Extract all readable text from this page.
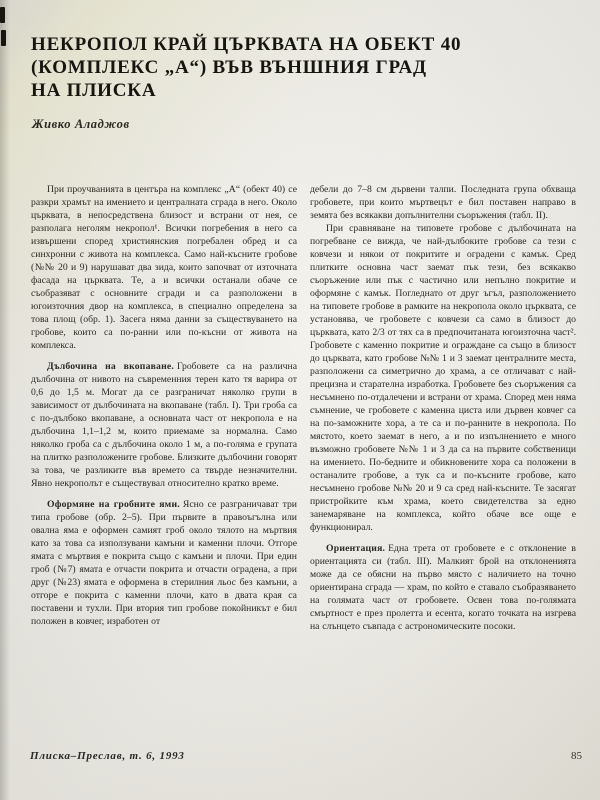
НЕКРОПОЛ КРАЙ ЦЪРКВАТА НА ОБЕКТ 40
(КОМПЛЕКС „А“) ВЪВ ВЪНШНИЯ ГРАД
НА ПЛИСКА
Живко Аладжов

При проучванията в центъра на комплекс „А“ (обект 40) се разкри храмът на имението и централната сграда в него. Около църквата, в непосредствена близост и встрани от нея, се разполага неголям некропол¹. Всички погребения в него са извършени според християнския погребален обред и са синхронни с живота на комплекса. Само най-късните гробове (№№ 20 и 9) нарушават два зида, които започват от източната фасада на църквата. Те, а и всички останали обаче се съобразяват с основните сгради и са разположени в югоизточния двор на комплекса, в специално определена за това площ (обр. 1). Засега няма данни за съществуването на гробове, които са по-ранни или по-късни от живота на комплекса.

Дълбочина на вкопаване. Гробовете са на различна дълбочина от нивото на съвременния терен като тя варира от 0,6 до 1,5 м. Могат да се разграничат няколко групи в зависимост от дълбочината на вкопаване (табл. I). Три гроба са с по-дълбоко вкопаване, а основната част от некропола е на дълбочина 1,1–1,2 м, които приемаме за нормална. Само няколко гроба са с дълбочина около 1 м, а по-голяма е групата на плитко разположените гробове. Близките дълбочини говорят за това, че разликите във времето са твърде незначителни. Явно некрополът е съществувал относително кратко време.

Оформяне на гробните ями. Ясно се разграничават три типа гробове (обр. 2–5). При първите в правоъгълна или овална яма е оформен самият гроб около тялото на мъртвия като за това са използувани камъни и каменни плочи. Отгоре ямата с мъртвия е покрита също с камъни и плочи. При един гроб (№7) ямата е отчасти покрита и отчасти оградена, а при друг (№23) ямата е оформена в стерилния льос без камъни, а отгоре е покрита с каменни плочи, като в двата края са поставени и тухли. При втория тип гробове покойникът е бил положен в ковчег, изработен от

дебели до 7–8 см дървени талпи. Последната група обхваща гробовете, при които мъртвецът е бил поставен направо в земята без всякакви допълнителни съоръжения (табл. II).

При сравняване на типовете гробове с дълбочината на погребване се вижда, че най-дълбоките гробове са тези с ковчези и някои от покритите и оградени с камък. Сред плитките основна част заемат пък тези, без всякакво съоръжение или пък с частично или непълно покритие и оформяне с камък. Погледнато от друг ъгъл, разположението на типовете гробове в рамките на некропола около църквата, се установява, че гробовете с ковчези са само в близост до църквата, като 2/3 от тях са в предпочитаната югоизточна част². Гробовете с каменно покритие и ограждане са също в близост до църквата, като гробове №№ 1 и 3 заемат централните места, разположени са симетрично до храма, а се отличават с най-прецизна и старателна изработка. Гробовете без съоръжения са несъмнено по-отдалечени и встрани от храма. Според мен няма съмнение, че гробовете с каменна циста или дървен ковчег са на по-заможните хора, а те са и по-ранните в некропола. По мястото, което заемат в него, а и по изпълнението е много възможно гробовете №№ 1 и 3 да са на първите собственици на имението. По-бедните и обикновените хора са положени в останалите гробове, а тук са и по-късните гробове, като несъмнено гробове №№ 20 и 9 са сред най-късните. Те засягат пристройките към храма, което свидетелства за едно занемаряване на комплекса, който обаче все още е функционирал.

Ориентация. Една трета от гробовете е с отклонение в ориентацията си (табл. III). Малкият брой на отклоненията може да се обясни на първо място с наличието на точно ориентирана сграда — храм, по който е ставало съобразяването на голямата част от гробовете. Освен това по-голямата смъртност е през пролетта и есента, когато точката на изгрева на слънцето съвпада с астрономическите посоки.

Плиска–Преслав, т. 6, 1993	85
